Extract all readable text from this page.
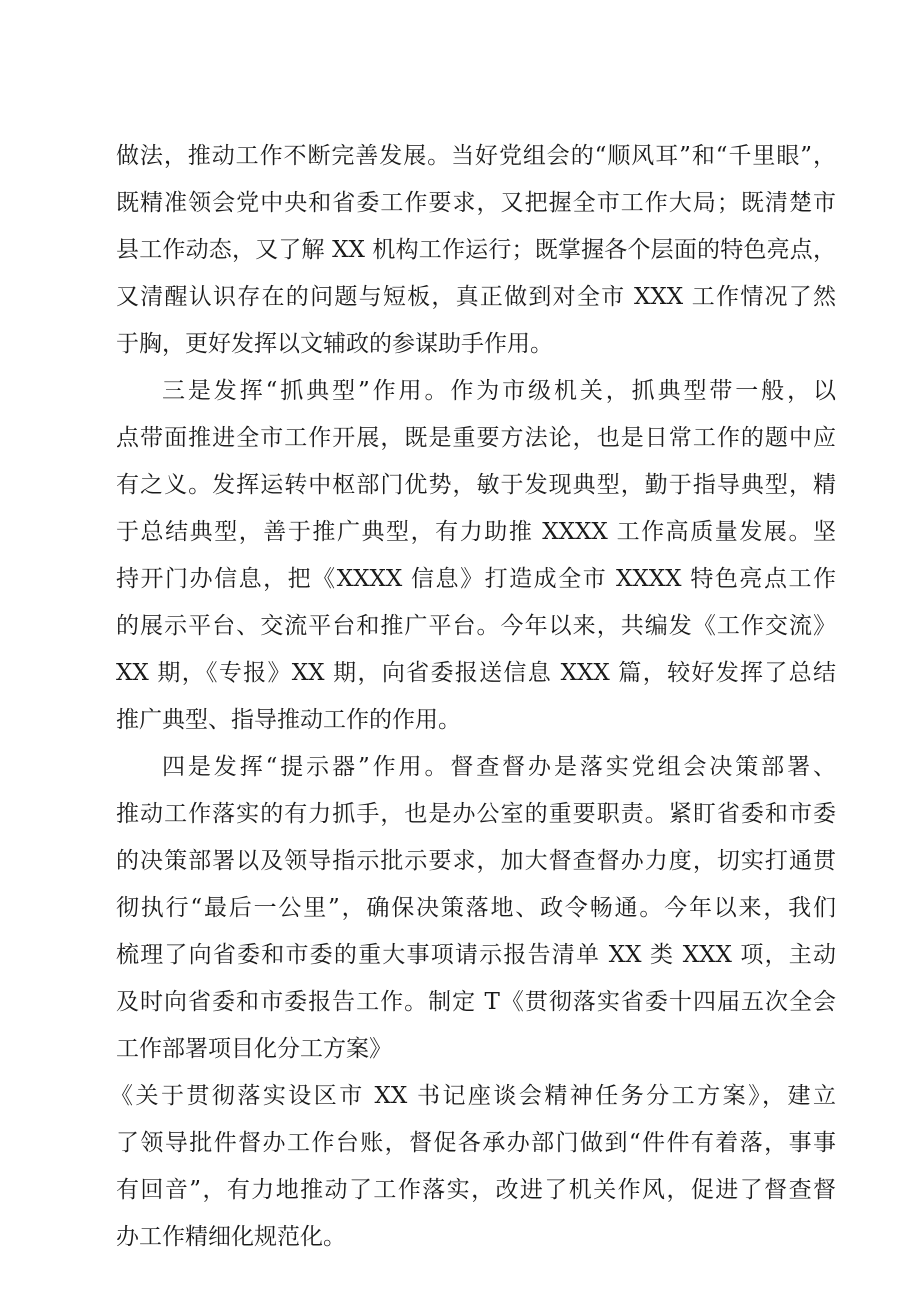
做法，推动工作不断完善发展。当好党组会的“顺风耳”和“千里眼”，
既精准领会党中央和省委工作要求，又把握全市工作大局；既清楚市
县工作动态，又了解 XX 机构工作运行；既掌握各个层面的特色亮点，
又清醒认识存在的问题与短板，真正做到对全市 XXX 工作情况了然
于胸，更好发挥以文辅政的参谋助手作用。
三是发挥“抓典型”作用。作为市级机关，抓典型带一般，以
点带面推进全市工作开展，既是重要方法论，也是日常工作的题中应
有之义。发挥运转中枢部门优势，敏于发现典型，勤于指导典型，精
于总结典型，善于推广典型，有力助推 XXXX 工作高质量发展。坚
持开门办信息，把《XXXX 信息》打造成全市 XXXX 特色亮点工作
的展示平台、交流平台和推广平台。今年以来，共编发《工作交流》
XX 期，《专报》XX 期，向省委报送信息 XXX 篇，较好发挥了总结
推广典型、指导推动工作的作用。
四是发挥“提示器”作用。督查督办是落实党组会决策部署、
推动工作落实的有力抓手，也是办公室的重要职责。紧盯省委和市委
的决策部署以及领导指示批示要求，加大督查督办力度，切实打通贯
彻执行“最后一公里”，确保决策落地、政令畅通。今年以来，我们
梳理了向省委和市委的重大事项请示报告清单 XX 类 XXX 项，主动
及时向省委和市委报告工作。制定 T《贯彻落实省委十四届五次全会
工作部署项目化分工方案》
《关于贯彻落实设区市 XX 书记座谈会精神任务分工方案》，建立
了领导批件督办工作台账，督促各承办部门做到“件件有着落，事事
有回音”，有力地推动了工作落实，改进了机关作风，促进了督查督
办工作精细化规范化。
